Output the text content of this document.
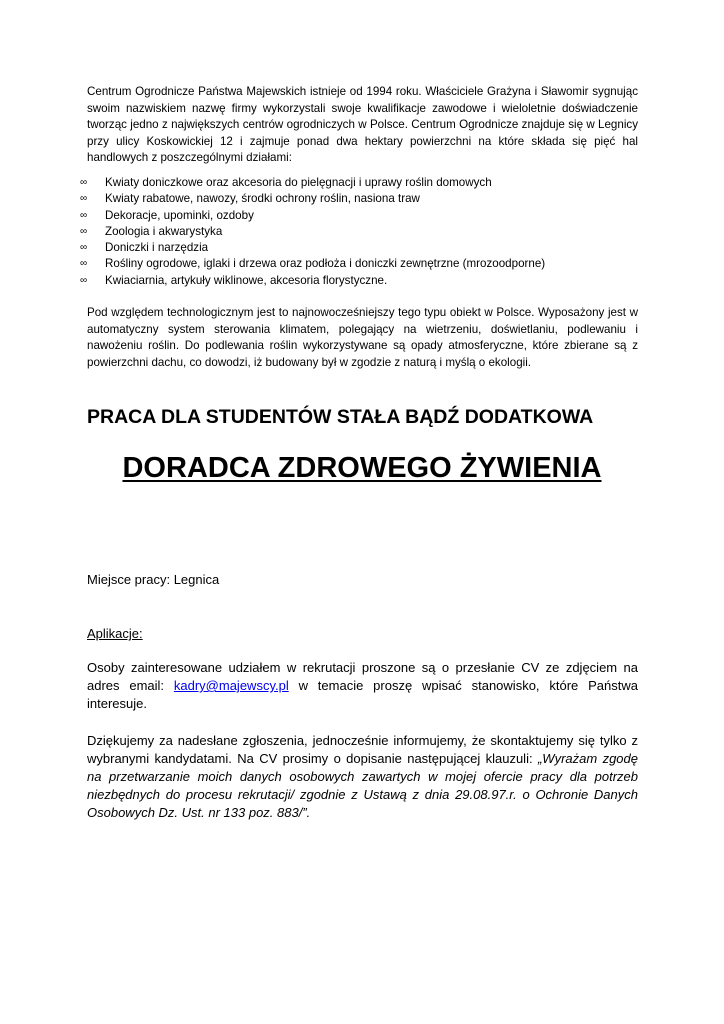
Centrum Ogrodnicze Państwa Majewskich istnieje od 1994 roku. Właściciele Grażyna i Sławomir sygnując swoim nazwiskiem nazwę firmy wykorzystali swoje kwalifikacje zawodowe i wieloletnie doświadczenie tworząc jedno z największych centrów ogrodniczych w Polsce. Centrum Ogrodnicze znajduje się w Legnicy przy ulicy Koskowickiej 12 i zajmuje ponad dwa hektary powierzchni na które składa się pięć hal handlowych z poszczególnymi działami:

∞ Kwiaty doniczkowe oraz akcesoria do pielęgnacji i uprawy roślin domowych
∞ Kwiaty rabatowe, nawozy, środki ochrony roślin, nasiona traw
∞ Dekoracje, upominki, ozdoby
∞ Zoologia i akwarystyka
∞ Doniczki i narzędzia
∞ Rośliny ogrodowe, iglaki i drzewa oraz podłoża i doniczki zewnętrzne (mrozoodporne)
∞ Kwiaciarnia, artykuły wiklinowe, akcesoria florystyczne.

Pod względem technologicznym jest to najnowocześniejszy tego typu obiekt w Polsce. Wyposażony jest w automatyczny system sterowania klimatem, polegający na wietrzeniu, doświetlaniu, podlewaniu i nawożeniu roślin. Do podlewania roślin wykorzystywane są opady atmosferyczne, które zbierane są z powierzchni dachu, co dowodzi, iż budowany był w zgodzie z naturą i myślą o ekologii.

PRACA DLA STUDENTÓW STAŁA BĄDŹ DODATKOWA
DORADCA ZDROWEGO ŻYWIENIA

Miejsce pracy: Legnica

Aplikacje:

Osoby zainteresowane udziałem w rekrutacji proszone są o przesłanie CV ze zdjęciem na adres email: kadry@majewscy.pl w temacie proszę wpisać stanowisko, które Państwa interesuje.

Dziękujemy za nadesłane zgłoszenia, jednocześnie informujemy, że skontaktujemy się tylko z wybranymi kandydatami. Na CV prosimy o dopisanie następującej klauzuli: „Wyrażam zgodę na przetwarzanie moich danych osobowych zawartych w mojej ofercie pracy dla potrzeb niezbędnych do procesu rekrutacji/ zgodnie z Ustawą z dnia 29.08.97.r. o Ochronie Danych Osobowych Dz. Ust. nr 133 poz. 883/”.
